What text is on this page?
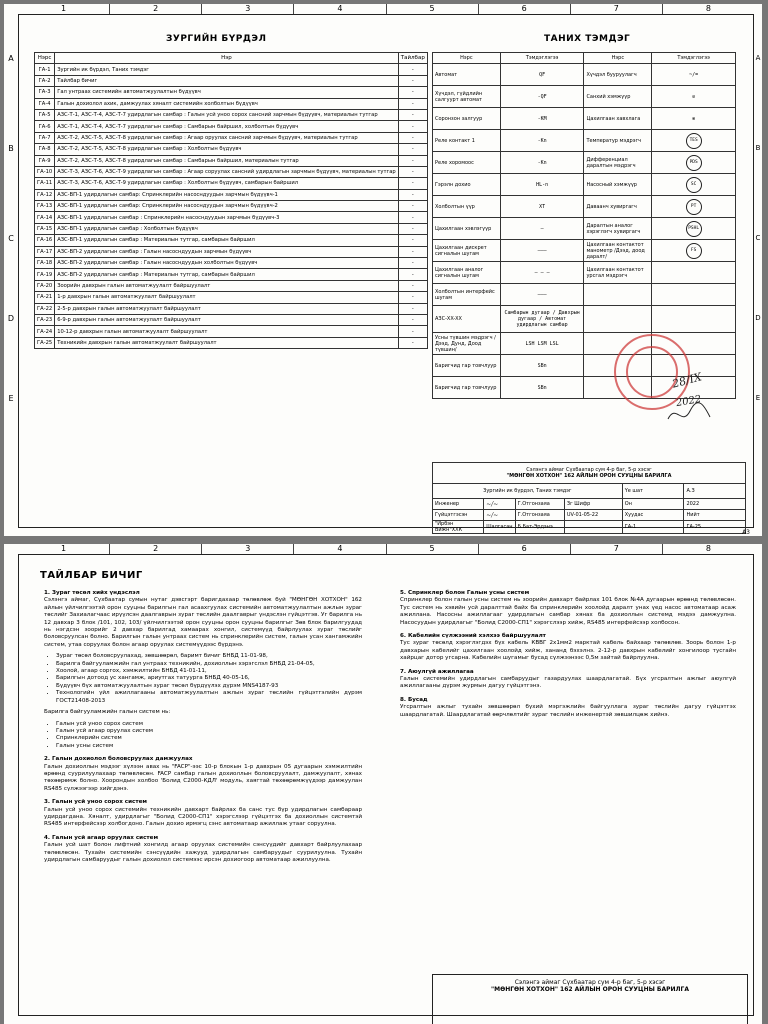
1	2	3	4	5	6	7	8
A
B
C
D
E
A
B
C
D
E
ЗУРГИЙН БҮРДЭЛ
Нэрс	Нэр	Тайлбар
ГА-1	Зургийн ик бүрдэл, Таних тэмдэг	-
ГА-2	Тайлбар бичиг	-
ГА-3	Гал унтраах системийн автоматжуулалтын бүдүүвч	-
ГА-4	Галын дохиолол ахик, дамжуулах хяналт системийн холболтын бүдүүвч	-
ГА-5	АЗС-Т-1, АЗС-Т-4, АЗС-Т-7 удирдлагын самбар : Галын усй уноо сорох сансний зарчмын бүдүүвч, материалын тутгар	-
ГА-6	АЗС-Т-1, АЗС-Т-4, АЗС-Т-7 удирдлагын самбар : Самбарын байршил, холболтын бүдүүвч	-
ГА-7	АЗС-Т-2, АЗС-Т-5, АЗС-Т-8 удирдлагын самбар : Агаар оруулах сансний зарчмын бүдүүвч, материалын тутгар	-
ГА-8	АЗС-Т-2, АЗС-Т-5, АЗС-Т-8 удирдлагын самбар : Холболтын бүдүүвч	-
ГА-9	АЗС-Т-2, АЗС-Т-5, АЗС-Т-8 удирдлагын самбар : Самбарын байршил, материалын тутгар	-
ГА-10	АЗС-Т-3, АЗС-Т-6, АЗС-Т-9 удирдлагын самбар : Агаар соруулах сансний удирдлагын зарчмын бүдүүвч, материалын тутгар	-
ГА-11	АЗС-Т-3, АЗС-Т-6, АЗС-Т-9 удирдлагын самбар : Холболтын бүдүүвч, самбарын байршил	-
ГА-12	АЗС-ВП-1 удирдлагын самбар: Спринклерийн насосндуудын зарчмын бүдүүвч-1	-
ГА-13	АЗС-ВП-1 удирдлагын самбар: Спринклерийн насосндуудын зарчмын бүдүүвч-2	-
ГА-14	АЗС-ВП-1 удирдлагын самбар : Спринклерийн насосндуудын зарчмын бүдүүвч-3	-
ГА-15	АЗС-ВП-1 удирдлагын самбар : Холболтын бүдүүвч	-
ГА-16	АЗС-ВП-1 удирдлагын самбар : Материалын тутгар, самбарын байршил	-
ГА-17	АЗС-ВП-2 удирдлагын самбар : Галын насосндуудын зарчмын бүдүүвч	-
ГА-18	АЗС-ВП-2 удирдлагын самбар : Галын насосндуудын холболтын бүдүүвч	-
ГА-19	АЗС-ВП-2 удирдлагын самбар : Материалын тутгар, самбарын байршил	-
ГА-20	Зоорийн давхрын галын автоматжуулалт байршуулалт	-
ГА-21	1-р давхрын галын автоматжуулалт байршуулалт	-
ГА-22	2-5-р давхрын галын автоматжуулалт байршуулалт	-
ГА-23	6-9-р давхрын галын автоматжуулалт байршуулалт	-
ГА-24	10-12-р давхрын галын автоматжуулалт байршуулалт	-
ГА-25	Техникийн давхрын галын автоматжуулалт байршуулалт	-
ТАНИХ ТЭМДЭГ
Нэрс	Тэмдэглэгээ	Нэрс	Тэмдэглэгээ
Автомат	QF	Хүчдэл бууруулагч	~/=
Хүчдэл, гүйдлийн салгуурт автомат	-QF	Санхий хэмжүүр	⊘
Соронзон залгуур	-KM	Цахилгаан хавхлага	⊗
Реле контакт 1	-Kn	Температур мэдрэгч	TES
Реле хоромоос	-Kn	Дифференциал даралтын мэдрэгч	PDS
Гэрэлн дохио	HL-n	Насосный хэмжүүр	SC
Холболтын үүр	XT	Даваанч хувиргагч	PT
Цахилгаан хэвлэгүүр	—	Даралтын аналог хэрэглэгч хувиргагч	PSHL
Цахилгаан дискрет сигналын шугам	———	Цахилгаан контактот манометр /Дээд, доод даралт/	FS
Цахилгаан аналог сигналын шугам	— — —	Цахилгаан контактот урсгал мэдрэгч	
Холболтын интерфейс шугам	———		
АЗС-XX-XX	Самбарын дугаар / Давхрын дугаар / Автомат удирдлагын самбар		
Усны түвшин мэдрэгч /Дээд, Дунд, Доод түвшин/	LSH LSM LSL		
Баригчид гар товчлуур	SBn		
Баригчид гар товчлуур	SBn			28/IX
2022
Сэлэнгэ аймаг Сүхбаатар сум 4-р баг, 5-р хэсэг
"МӨНГӨН ХОТХОН" 162 АЙЛЫН ОРОН СУУЦНЫ БАРИЛГА					

Зургийн ик бүрдэл, Таних тэмдэг				Үе шат	А.З
Инженер	~/~	Г.Отгонзаяа	Зг Шифр	Он	2022
Гүйцэтгэсэн	~/~	Г.Отгонзаяа	UV-01-05-22	Хуудас	Нийт
"Ирбэн Вижн"ХХК	Шалгасан	Б.Бат-Эрдэнэ		ГА-1	ГА-25
А3
1	2	3	4	5	6	7	8
ТАЙЛБАР БИЧИГ
1. Зураг төсөл хийх үндэслэл

Сэлэнгэ аймаг, Сүхбаатар сумын нутаг дэвсгэрт баригдахаар төлөвлөж буй "МӨНГӨН ХОТХОН" 162 айлын үйлчилгээтэй орон сууцны барилгын гал асаахгуулах системийн автоматжуулалтын ажлын зураг төслийг Захиалагчаас ирүүлсэн даалгаврын зураг төслийн даалгаврыг үндэслэн гүйцэтгэв. Уг барилга нь 12 давхар 3 блок /101, 102, 103/ үйлчилгээтэй орон сууцны орон сууцны барилгыг Зөв блок барилгуудад нь нэгдсэн зоорийг 2 давхар барилгад хамаарах хонгил, системүүд байрлуулах зураг төслийг боловсруулсан болно. Барилгын галын унтраах систем нь спринклерийн систем, галын усан хангамжийн систем, утаа соруулах болон агаар оруулах системүүдээс бүрдэнэ.

• Зураг төсөл боловсруулахад, зөвшөөрөл, баримт бичиг БНБД 11-01-98,
• Барилга байгууламжийн гал унтраах техникийн, дохиоллын хэрэгслэл БНБД 21-04-05,
• Хоолой, агаар соргох, хэмжилтийн БНБД 41-01-11,
• Барилгын дотоод ус хангамж, ариутгах татуурга БНБД 40-05-16,
• Бүдүүвч бүх автоматжуулалтын зураг төсөл бүрдүүлэх дүрэм MNS4187-93
• Технологийн үйл ажиллагааны автоматжуулалтын ажлын зураг төслийн гүйцэтгэлийн дүрэм ГОСТ21408-2013

Барилга байгууламжийн галын систем нь:

• Галын усй уноо сорох систем
• Галын усй агаар оруулах систем
• Спринклерийн систем
• Галын усны систем
2. Галын дохиолол боловсруулах дамжуулах

Галын дохиоллын мэдээг хүлээн авах нь "FACP"-ээс 10-р блокын 1-р давхрын 05 дугаарын хэмжилтийн өрөөнд суурилуулахаар төлөвлөсөн. FACP самбар галын дохиоллын боловсруулалт, дамжуулалт, хянах төхөөрөмж болно. Хоорондын холбоо 'Болид С2000-КДЛ' модуль, хаягтай төхөөрөмжүүдээр дамжуулан RS485 сүлжээгээр хийгдэнэ.

3. Галын усй уноо сорох систем

Галын усй уноо сорох системийн техникийн давхарт байрлах ба санс тус бүр удирдлагын самбараар удирдагдана. Хяналт, удирдлагыг "Болид С2000-СП1" хэрэгслээр гүйцэтгэх ба дохиоллын системтэй RS485 интерфейсээр холбогдоно. Галын дохио ирмэгц сэнс автоматаар ажиллаж утааг соруулна.

4. Галын усй агаар оруулах систем

Галын усй шат болон лифтний хонгилд агаар оруулах системийн сэнсүүдийг давхарт байрлуулахаар төлөвлөсөн. Тухайн системийн сэнсүүдийн хажууд удирдлагын самбаруудыг суурилуулна. Тухайн удирдлагын самбаруудыг галын дохиолол системээс ирсэн дохиогоор автоматаар ажиллуулна.

5. Спринклер болон Галын усны систем

Спринклер болон галын усны систем нь зоорийн давхарт байрлах 101 блок №4А дугаарын өрөөнд төлөвлөсөн. Тус систем нь хэвийн усй даралттай байх ба спринклерийн хоолойд даралт унах үед насос автоматаар асаж ажиллана. Насосны ажиллагааг удирдлагын самбар хянах ба дохиоллын системд мэдээ дамжуулна. Насосуудын удирдлагыг "Болид С2000-СП1" хэрэгслээр хийж, RS485 интерфейсээр холбосон.

6. Кабелийн сүлжээний хэлхээ байршуулалт

Тус зураг төсөлд хэрэглэгдэх бүх кабель КВВГ 2х1мм2 марктай кабель байхаар төлөвлөв. Зоорь болон 1-р давхарын кабелийг цахилгаан хоолойд хийж, хананд бэхэлнэ. 2-12-р давхрын кабелийг хонгилоор тусгайн хайрцаг дотор угсарна. Кабелийн шугамыг бусад сүлжээнээс 0,5м зайтай байрлуулна.

7. Аюулгүй ажиллагаа

Галын системийн удирдлагын самбаруудыг газардуулах шаардлагатай. Бүх угсралтын ажлыг аюулгүй ажиллагааны дүрэм журмын дагуу гүйцэтгэнэ.

8. Бусад

Угсралтын ажлыг тухайн зөвшөөрөл бүхий мэргэжлийн байгууллага зураг төслийн дагуу гүйцэтгэх шаардлагатай. Шаардлагатай өөрчлөлтийг зураг төслийн инженертэй зөвшилцөж хийнэ.

Сэлэнгэ аймаг Сүхбаатар сум 4-р баг, 5-р хэсэг
"МӨНГӨН ХОТХОН" 162 АЙЛЫН ОРОН СУУЦНЫ БАРИЛГА
